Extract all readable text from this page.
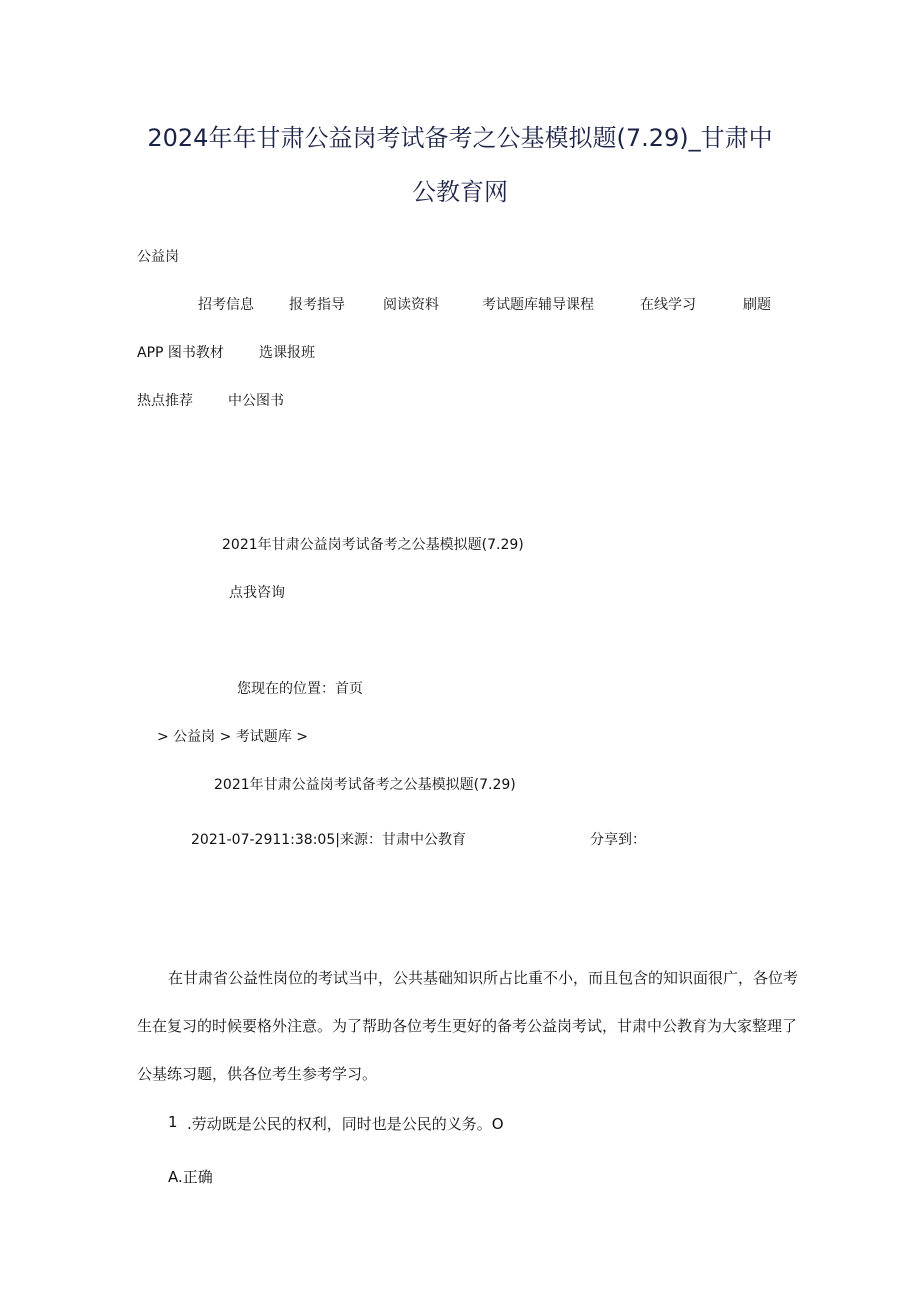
2024年年甘肃公益岗考试备考之公基模拟题(7.29)_甘肃中
公教育网
公益岗
招考信息	报考指导	阅读资料	考试题库辅导课程	在线学习	刷题
APP 图书教材	选课报班
热点推荐	中公图书
2021年甘肃公益岗考试备考之公基模拟题(7.29)
点我咨询
您现在的位置：首页
> 公益岗 > 考试题库 >
2021年甘肃公益岗考试备考之公基模拟题(7.29)
2021-07-2911:38:05|来源：甘肃中公教育	分享到：
在甘肃省公益性岗位的考试当中，公共基础知识所占比重不小，而且包含的知识面很广，各位考
生在复习的时候要格外注意。为了帮助各位考生更好的备考公益岗考试，甘肃中公教育为大家整理了
公基练习题，供各位考生参考学习。
1 .劳动既是公民的权利，同时也是公民的义务。O
A.正确
